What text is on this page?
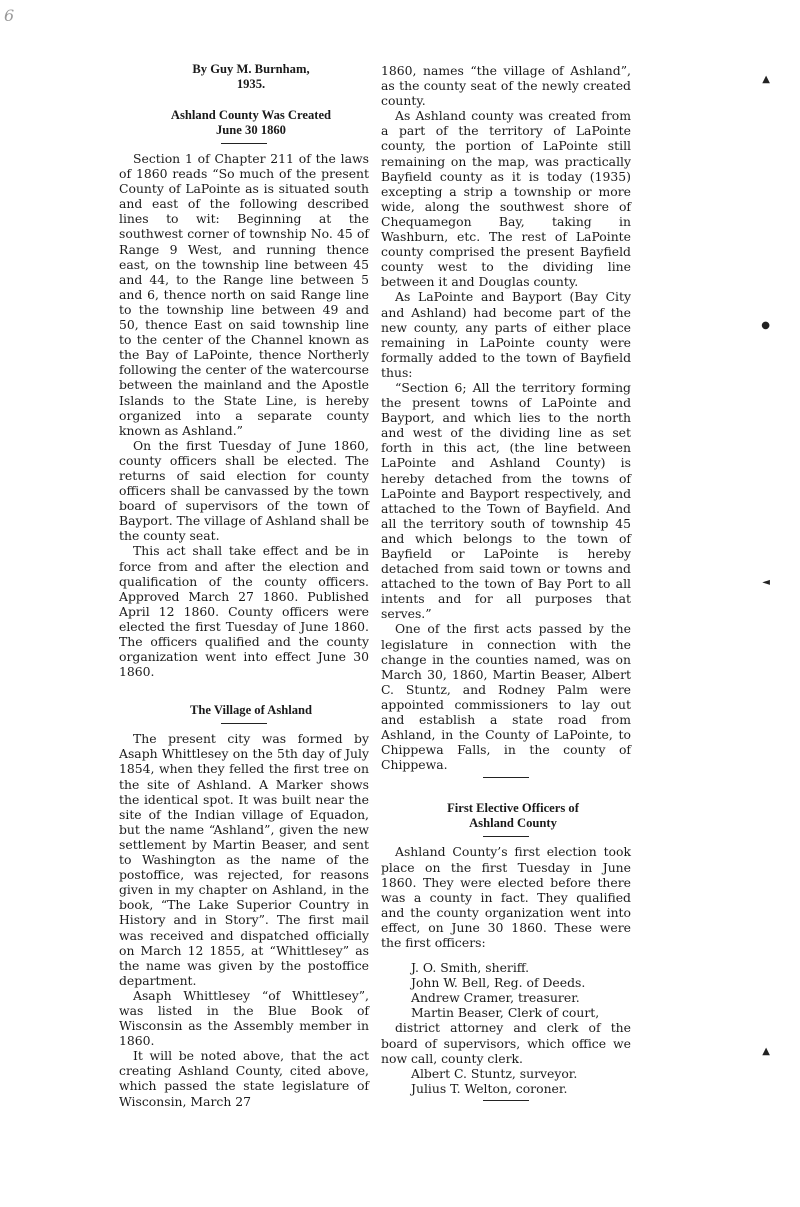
6

By Guy M. Burnham,

1935.

Ashland County Was Created

June 30 1860

Section 1 of Chapter 211 of the laws of 1860 reads “So much of the present County of LaPointe as is situated south and east of the following described lines to wit: Beginning at the southwest corner of township No. 45 of Range 9 West, and running thence east, on the township line between 45 and 44, to the Range line between 5 and 6, thence north on said Range line to the township line between 49 and 50, thence East on said township line to the center of the Channel known as the Bay of LaPointe, thence Northerly following the center of the watercourse between the mainland and the Apostle Islands to the State Line, is hereby organized into a separate county known as Ashland.”

On the first Tuesday of June 1860, county officers shall be elected. The returns of said election for county officers shall be canvassed by the town board of supervisors of the town of Bayport. The village of Ashland shall be the county seat.

This act shall take effect and be in force from and after the election and qualification of the county officers. Approved March 27 1860. Published April 12 1860. County officers were elected the first Tuesday of June 1860. The officers qualified and the county organization went into effect June 30 1860.

The Village of Ashland

The present city was formed by Asaph Whittlesey on the 5th day of July 1854, when they felled the first tree on the site of Ashland. A Marker shows the identical spot. It was built near the site of the Indian village of Equadon, but the name “Ashland”, given the new settlement by Martin Beaser, and sent to Washington as the name of the postoffice, was rejected, for reasons given in my chapter on Ashland, in the book, “The Lake Superior Country in History and in Story”. The first mail was received and dispatched officially on March 12 1855, at “Whittlesey” as the name was given by the postoffice department.

Asaph Whittlesey “of Whittlesey”, was listed in the Blue Book of Wisconsin as the Assembly member in 1860.

It will be noted above, that the act creating Ashland County, cited above, which passed the state legislature of Wisconsin, March 27

1860, names “the village of Ashland”, as the county seat of the newly created county.

As Ashland county was created from a part of the territory of LaPointe county, the portion of LaPointe still remaining on the map, was practically Bayfield county as it is today (1935) excepting a strip a township or more wide, along the southwest shore of Chequamegon Bay, taking in Washburn, etc. The rest of LaPointe county comprised the present Bayfield county west to the dividing line between it and Douglas county.

As LaPointe and Bayport (Bay City and Ashland) had become part of the new county, any parts of either place remaining in LaPointe county were formally added to the town of Bayfield thus:

“Section 6; All the territory forming the present towns of LaPointe and Bayport, and which lies to the north and west of the dividing line as set forth in this act, (the line between LaPointe and Ashland County) is hereby detached from the towns of LaPointe and Bayport respectively, and attached to the Town of Bayfield. And all the territory south of township 45 and which belongs to the town of Bayfield or LaPointe is hereby detached from said town or towns and attached to the town of Bay Port to all intents and for all purposes that serves.”

One of the first acts passed by the legislature in connection with the change in the counties named, was on March 30, 1860, Martin Beaser, Albert C. Stuntz, and Rodney Palm were appointed commissioners to lay out and establish a state road from Ashland, in the County of LaPointe, to Chippewa Falls, in the county of Chippewa.

First Elective Officers of

Ashland County

Ashland County’s first election took place on the first Tuesday in June 1860. They were elected before there was a county in fact. They qualified and the county organization went into effect, on June 30 1860. These were the first officers:

J. O. Smith, sheriff.

John W. Bell, Reg. of Deeds.

Andrew Cramer, treasurer.

Martin Beaser, Clerk of court,

district attorney and clerk of the board of supervisors, which office we now call, county clerk.

Albert C. Stuntz, surveyor.

Julius T. Welton, coroner.

▲
●
◄
▲
